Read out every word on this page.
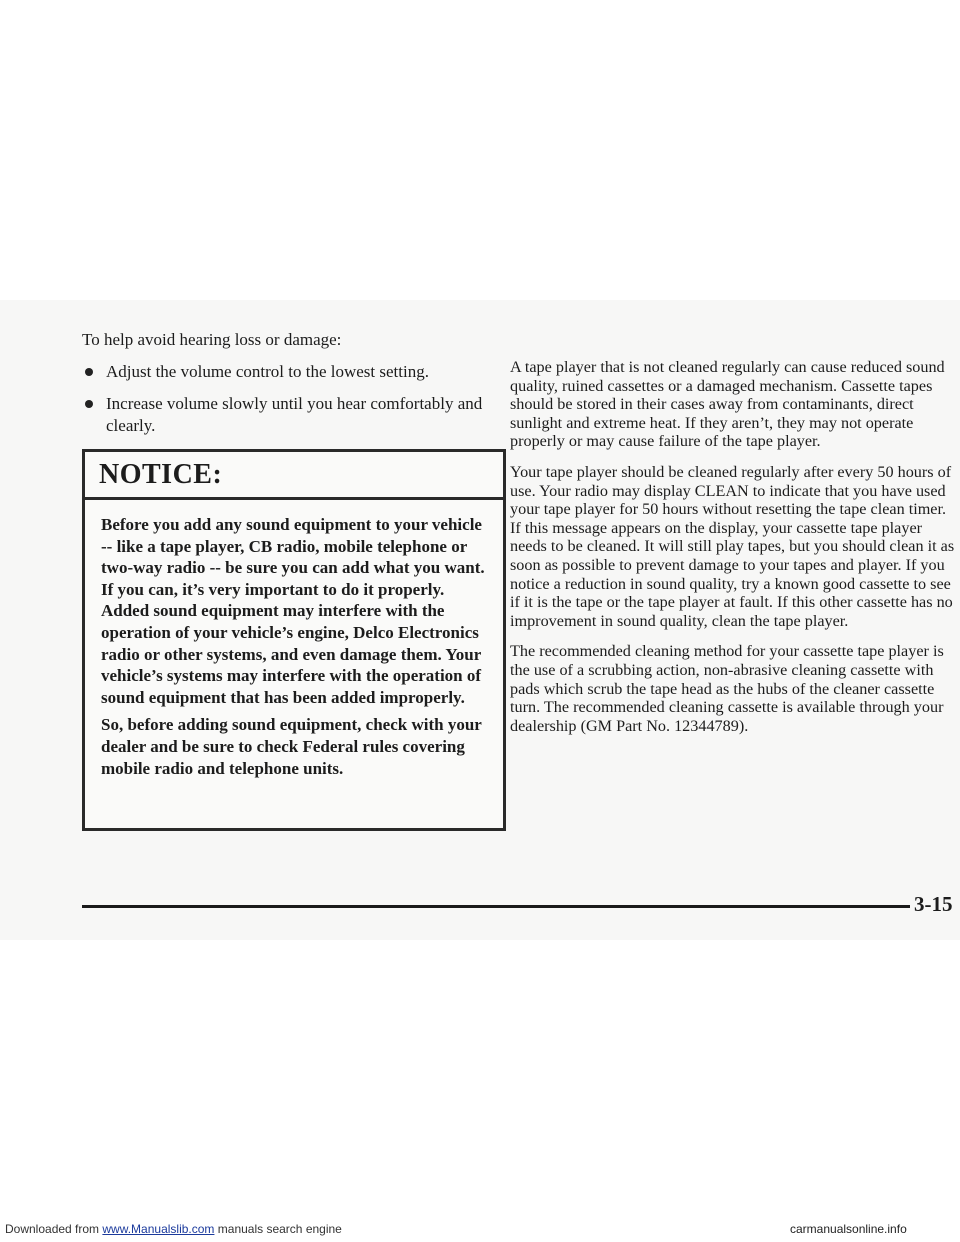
To help avoid hearing loss or damage:

Adjust the volume control to the lowest setting.
Increase volume slowly until you hear comfortably and clearly.
NOTICE:

Before you add any sound equipment to your vehicle -- like a tape player, CB radio, mobile telephone or two-way radio -- be sure you can add what you want. If you can, it’s very important to do it properly. Added sound equipment may interfere with the operation of your vehicle’s engine, Delco Electronics radio or other systems, and even damage them. Your vehicle’s systems may interfere with the operation of sound equipment that has been added improperly.

So, before adding sound equipment, check with your dealer and be sure to check Federal rules covering mobile radio and telephone units.

A tape player that is not cleaned regularly can cause reduced sound quality, ruined cassettes or a damaged mechanism. Cassette tapes should be stored in their cases away from contaminants, direct sunlight and extreme heat. If they aren’t, they may not operate properly or may cause failure of the tape player.

Your tape player should be cleaned regularly after every 50 hours of use. Your radio may display CLEAN to indicate that you have used your tape player for 50 hours without resetting the tape clean timer. If this message appears on the display, your cassette tape player needs to be cleaned. It will still play tapes, but you should clean it as soon as possible to prevent damage to your tapes and player. If you notice a reduction in sound quality, try a known good cassette to see if it is the tape or the tape player at fault. If this other cassette has no improvement in sound quality, clean the tape player.

The recommended cleaning method for your cassette tape player is the use of a scrubbing action, non-abrasive cleaning cassette with pads which scrub the tape head as the hubs of the cleaner cassette turn. The recommended cleaning cassette is available through your dealership (GM Part No. 12344789).

3-15
Downloaded from www.Manualslib.com manuals search engine	carmanualsonline.info
